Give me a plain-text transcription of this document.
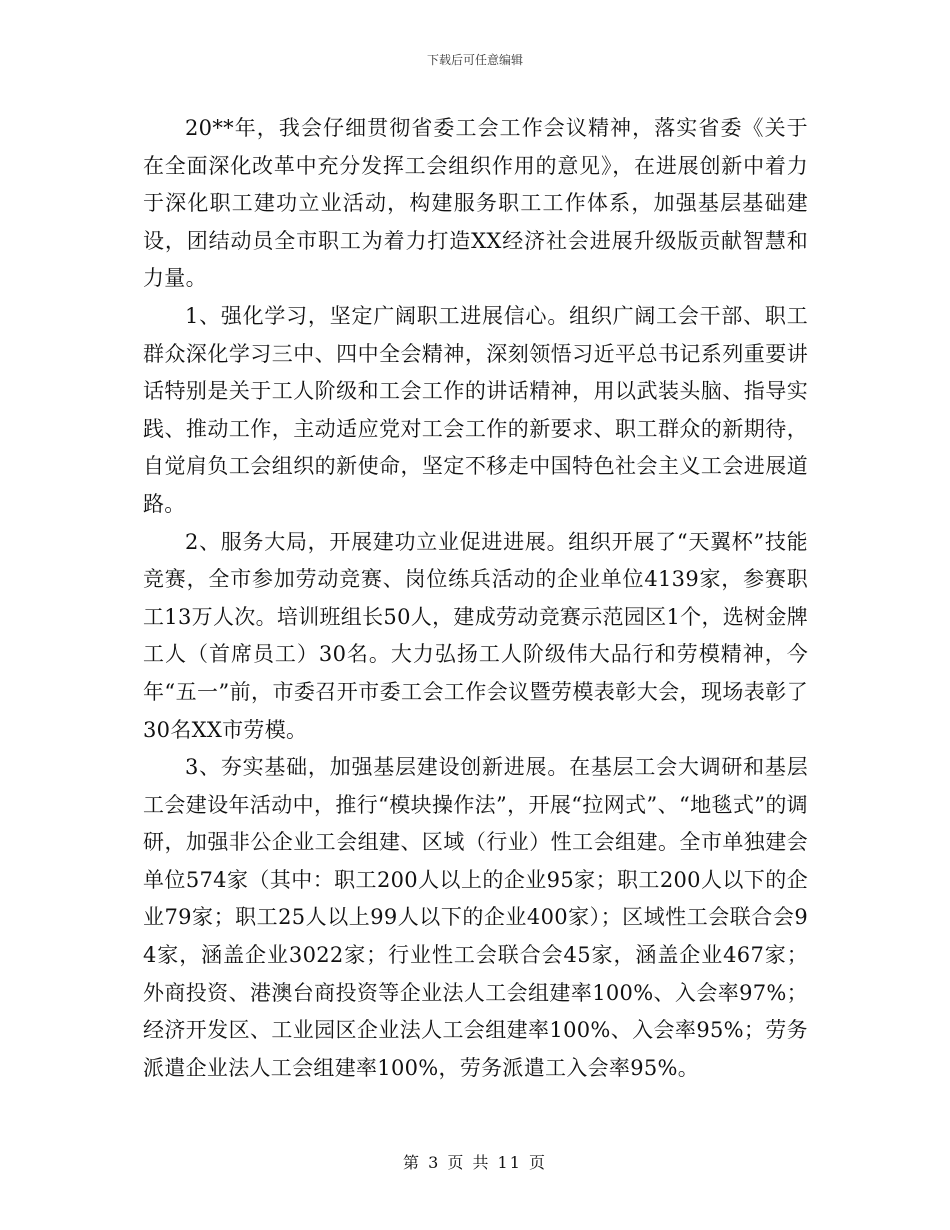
下载后可任意编辑

20**年，我会仔细贯彻省委工会工作会议精神，落实省委《关于在全面深化改革中充分发挥工会组织作用的意见》，在进展创新中着力于深化职工建功立业活动，构建服务职工工作体系，加强基层基础建设，团结动员全市职工为着力打造XX经济社会进展升级版贡献智慧和力量。

1、强化学习，坚定广阔职工进展信心。组织广阔工会干部、职工群众深化学习三中、四中全会精神，深刻领悟习近平总书记系列重要讲话特别是关于工人阶级和工会工作的讲话精神，用以武装头脑、指导实践、推动工作，主动适应党对工会工作的新要求、职工群众的新期待，自觉肩负工会组织的新使命，坚定不移走中国特色社会主义工会进展道路。

2、服务大局，开展建功立业促进进展。组织开展了“天翼杯”技能竞赛，全市参加劳动竞赛、岗位练兵活动的企业单位4139家，参赛职工13万人次。培训班组长50人，建成劳动竞赛示范园区1个，选树金牌工人（首席员工）30名。大力弘扬工人阶级伟大品行和劳模精神，今年“五一”前，市委召开市委工会工作会议暨劳模表彰大会，现场表彰了30名XX市劳模。

3、夯实基础，加强基层建设创新进展。在基层工会大调研和基层工会建设年活动中，推行“模块操作法”，开展“拉网式”、“地毯式”的调研，加强非公企业工会组建、区域（行业）性工会组建。全市单独建会单位574家（其中：职工200人以上的企业95家；职工200人以下的企业79家；职工25人以上99人以下的企业400家）；区域性工会联合会94家，涵盖企业3022家；行业性工会联合会45家，涵盖企业467家；外商投资、港澳台商投资等企业法人工会组建率100%、入会率97%；经济开发区、工业园区企业法人工会组建率100%、入会率95%；劳务派遣企业法人工会组建率100%，劳务派遣工入会率95%。

第 3 页 共 11 页
